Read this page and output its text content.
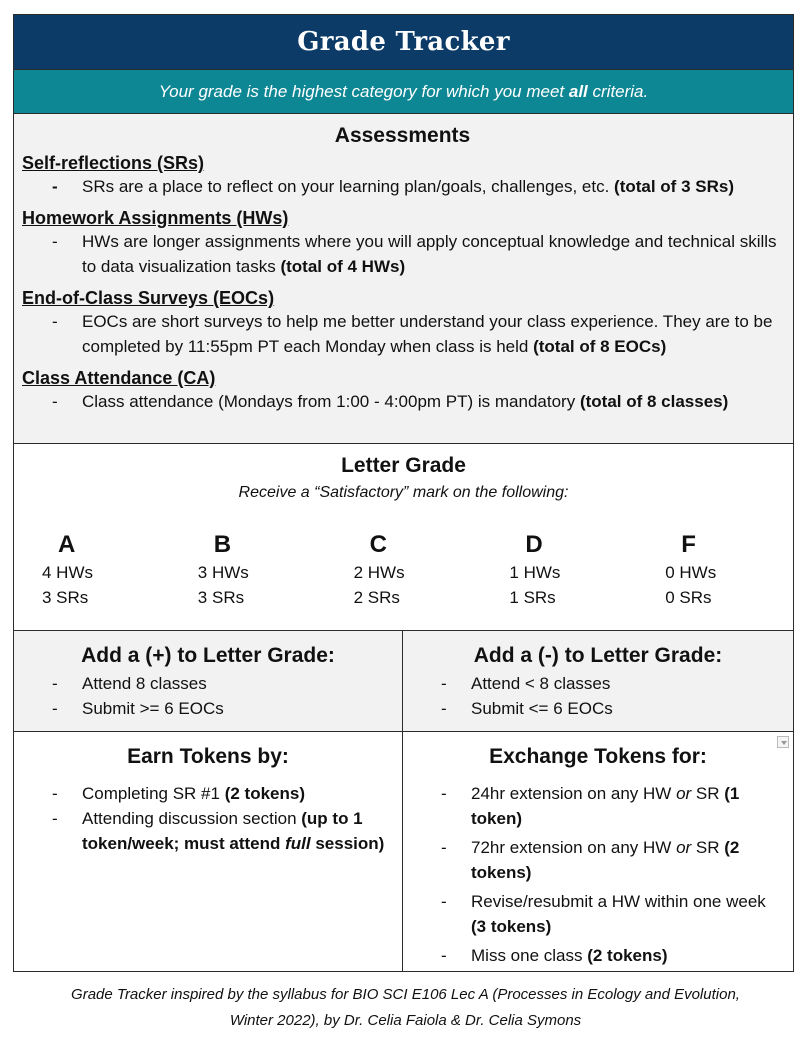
Grade Tracker
Your grade is the highest category for which you meet all criteria.
Assessments
Self-reflections (SRs)
- SRs are a place to reflect on your learning plan/goals, challenges, etc. (total of 3 SRs)
Homework Assignments (HWs)
- HWs are longer assignments where you will apply conceptual knowledge and technical skills to data visualization tasks (total of 4 HWs)
End-of-Class Surveys (EOCs)
- EOCs are short surveys to help me better understand your class experience. They are to be completed by 11:55pm PT each Monday when class is held (total of 8 EOCs)
Class Attendance (CA)
- Class attendance (Mondays from 1:00 - 4:00pm PT) is mandatory (total of 8 classes)
Letter Grade
Receive a “Satisfactory” mark on the following:
A
4 HWs
3 SRs
B
3 HWs
3 SRs
C
2 HWs
2 SRs
D
1 HWs
1 SRs
F
0 HWs
0 SRs
Add a (+) to Letter Grade:
- Attend 8 classes
- Submit >= 6 EOCs
Add a (-) to Letter Grade:
- Attend < 8 classes
- Submit <= 6 EOCs
Earn Tokens by:
- Completing SR #1 (2 tokens)
- Attending discussion section (up to 1 token/week; must attend full session)
Exchange Tokens for:
- 24hr extension on any HW or SR (1 token)
- 72hr extension on any HW or SR (2 tokens)
- Revise/resubmit a HW within one week (3 tokens)
- Miss one class (2 tokens)
Grade Tracker inspired by the syllabus for BIO SCI E106 Lec A (Processes in Ecology and Evolution,
Winter 2022), by Dr. Celia Faiola & Dr. Celia Symons
